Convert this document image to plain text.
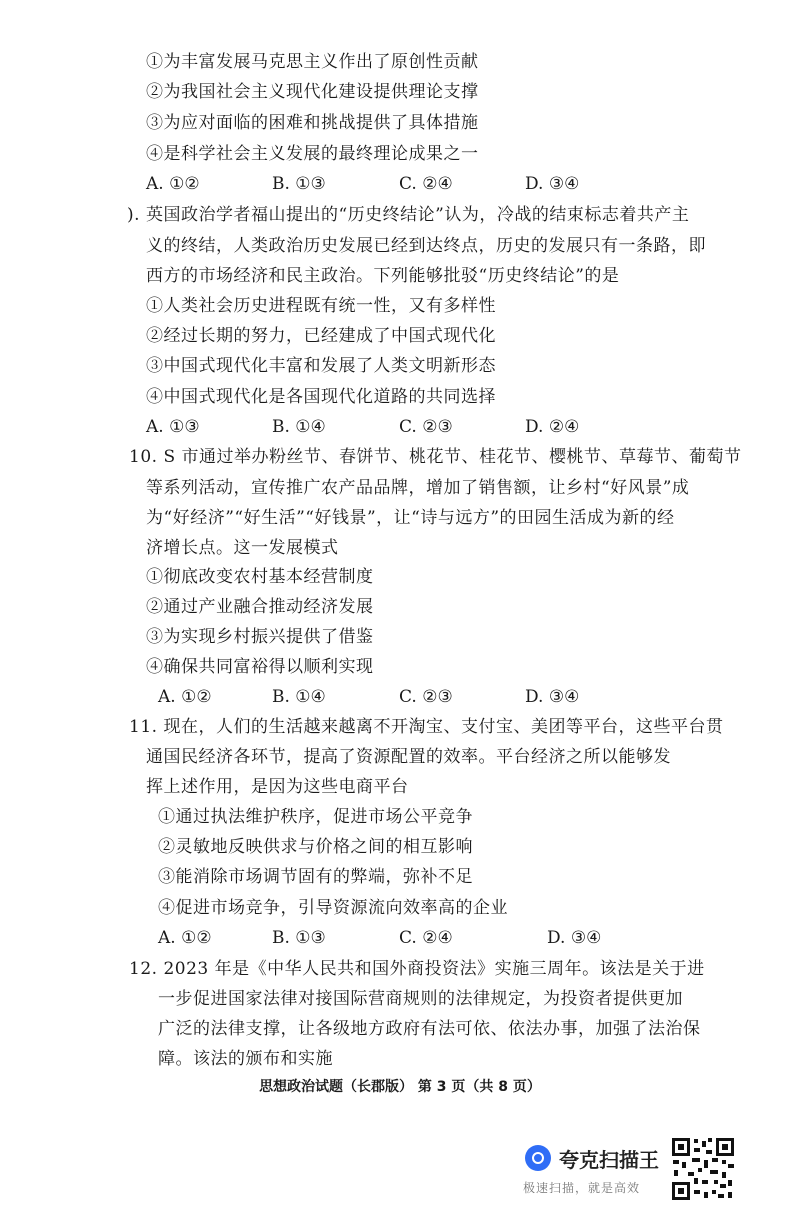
①为丰富发展马克思主义作出了原创性贡献
②为我国社会主义现代化建设提供理论支撑
③为应对面临的困难和挑战提供了具体措施
④是科学社会主义发展的最终理论成果之一
A. ①②	B. ①③	C. ②④	D. ③④
). 英国政治学者福山提出的“历史终结论”认为，冷战的结束标志着共产主
义的终结，人类政治历史发展已经到达终点，历史的发展只有一条路，即
西方的市场经济和民主政治。下列能够批驳“历史终结论”的是
①人类社会历史进程既有统一性，又有多样性
②经过长期的努力，已经建成了中国式现代化
③中国式现代化丰富和发展了人类文明新形态
④中国式现代化是各国现代化道路的共同选择
A. ①③	B. ①④	C. ②③	D. ②④
10. S 市通过举办粉丝节、春饼节、桃花节、桂花节、樱桃节、草莓节、葡萄节
等系列活动，宣传推广农产品品牌，增加了销售额，让乡村“好风景”成
为“好经济”“好生活”“好钱景”，让“诗与远方”的田园生活成为新的经
济增长点。这一发展模式
①彻底改变农村基本经营制度
②通过产业融合推动经济发展
③为实现乡村振兴提供了借鉴
④确保共同富裕得以顺利实现
A. ①②	B. ①④	C. ②③	D. ③④
11. 现在，人们的生活越来越离不开淘宝、支付宝、美团等平台，这些平台贯
通国民经济各环节，提高了资源配置的效率。平台经济之所以能够发
挥上述作用，是因为这些电商平台
①通过执法维护秩序，促进市场公平竞争
②灵敏地反映供求与价格之间的相互影响
③能消除市场调节固有的弊端，弥补不足
④促进市场竞争，引导资源流向效率高的企业
A. ①②	B. ①③	C. ②④	D. ③④
12. 2023 年是《中华人民共和国外商投资法》实施三周年。该法是关于进
一步促进国家法律对接国际营商规则的法律规定，为投资者提供更加
广泛的法律支撑，让各级地方政府有法可依、依法办事，加强了法治保
障。该法的颁布和实施
思想政治试题（长郡版） 第 3 页（共 8 页）
夸克扫描王
极速扫描，就是高效
